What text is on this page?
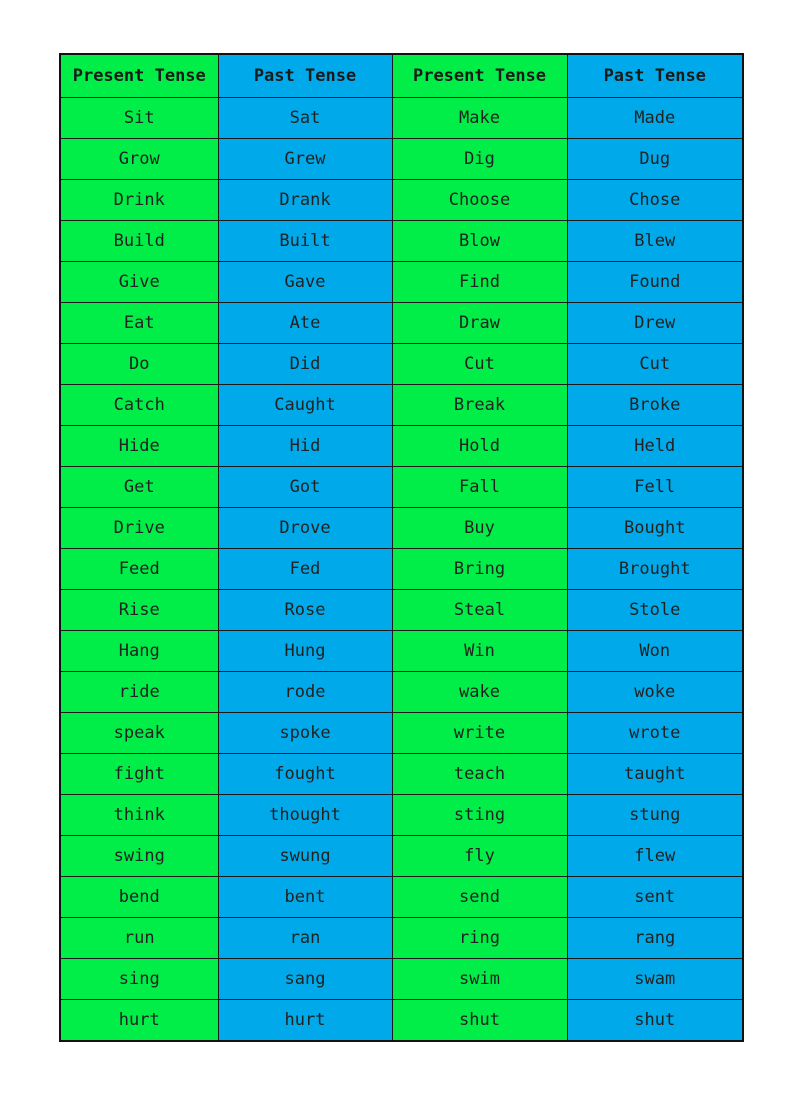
Present Tense	Past Tense	Present Tense	Past Tense
Sit	Sat	Make	Made
Grow	Grew	Dig	Dug
Drink	Drank	Choose	Chose
Build	Built	Blow	Blew
Give	Gave	Find	Found
Eat	Ate	Draw	Drew
Do	Did	Cut	Cut
Catch	Caught	Break	Broke
Hide	Hid	Hold	Held
Get	Got	Fall	Fell
Drive	Drove	Buy	Bought
Feed	Fed	Bring	Brought
Rise	Rose	Steal	Stole
Hang	Hung	Win	Won
ride	rode	wake	woke
speak	spoke	write	wrote
fight	fought	teach	taught
think	thought	sting	stung
swing	swung	fly	flew
bend	bent	send	sent
run	ran	ring	rang
sing	sang	swim	swam
hurt	hurt	shut	shut
